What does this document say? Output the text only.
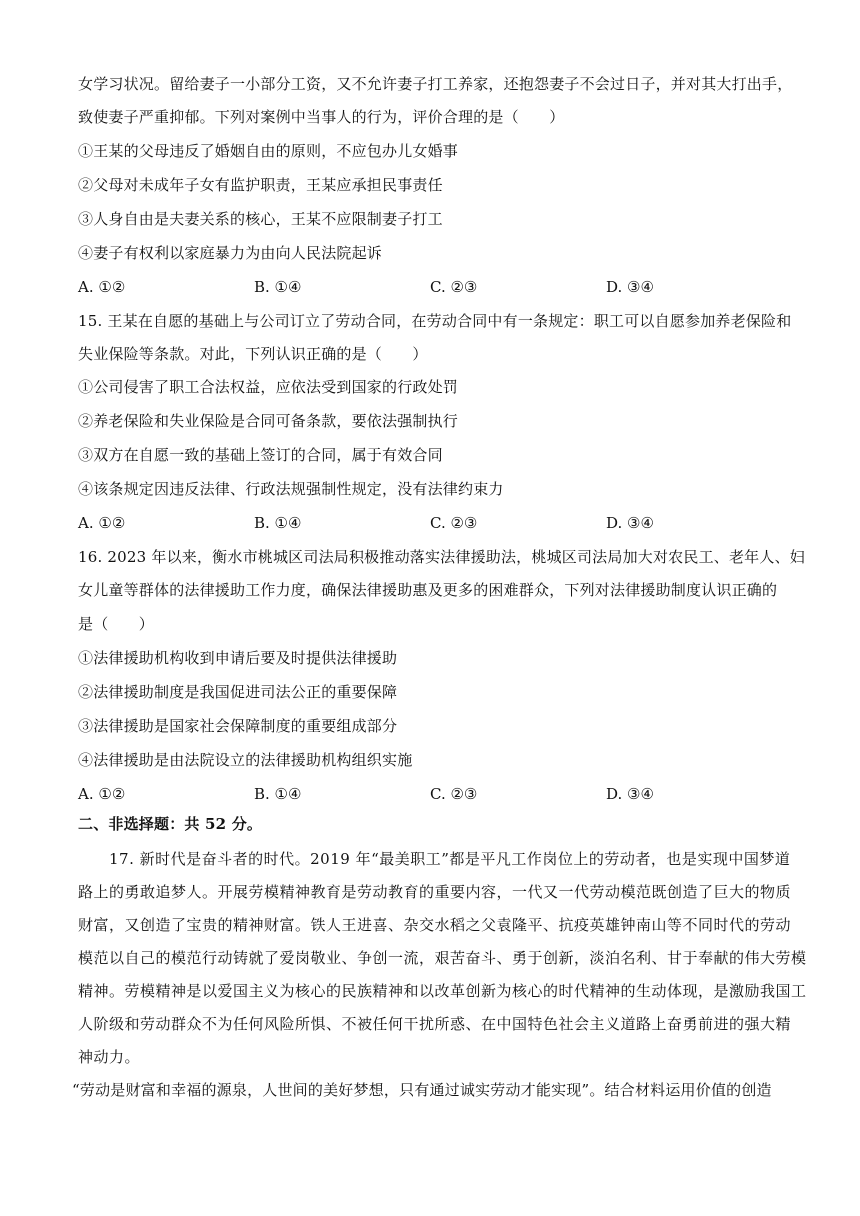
女学习状况。留给妻子一小部分工资，又不允许妻子打工养家，还抱怨妻子不会过日子，并对其大打出手，
致使妻子严重抑郁。下列对案例中当事人的行为，评价合理的是（　　）
①王某的父母违反了婚姻自由的原则，不应包办儿女婚事
②父母对未成年子女有监护职责，王某应承担民事责任
③人身自由是夫妻关系的核心，王某不应限制妻子打工
④妻子有权利以家庭暴力为由向人民法院起诉
A. ①②	B. ①④	C. ②③	D. ③④
15. 王某在自愿的基础上与公司订立了劳动合同，在劳动合同中有一条规定：职工可以自愿参加养老保险和
失业保险等条款。对此，下列认识正确的是（　　）
①公司侵害了职工合法权益，应依法受到国家的行政处罚
②养老保险和失业保险是合同可备条款，要依法强制执行
③双方在自愿一致的基础上签订的合同，属于有效合同
④该条规定因违反法律、行政法规强制性规定，没有法律约束力
A. ①②	B. ①④	C. ②③	D. ③④
16. 2023 年以来，衡水市桃城区司法局积极推动落实法律援助法，桃城区司法局加大对农民工、老年人、妇
女儿童等群体的法律援助工作力度，确保法律援助惠及更多的困难群众，下列对法律援助制度认识正确的
是（　　）
①法律援助机构收到申请后要及时提供法律援助
②法律援助制度是我国促进司法公正的重要保障
③法律援助是国家社会保障制度的重要组成部分
④法律援助是由法院设立的法律援助机构组织实施
A. ①②	B. ①④	C. ②③	D. ③④
二、非选择题：共 52 分。
　　17. 新时代是奋斗者的时代。2019 年“最美职工”都是平凡工作岗位上的劳动者，也是实现中国梦道
路上的勇敢追梦人。开展劳模精神教育是劳动教育的重要内容，一代又一代劳动模范既创造了巨大的物质
财富，又创造了宝贵的精神财富。铁人王进喜、杂交水稻之父袁隆平、抗疫英雄钟南山等不同时代的劳动
模范以自己的模范行动铸就了爱岗敬业、争创一流，艰苦奋斗、勇于创新，淡泊名利、甘于奉献的伟大劳模
精神。劳模精神是以爱国主义为核心的民族精神和以改革创新为核心的时代精神的生动体现，是激励我国工
人阶级和劳动群众不为任何风险所惧、不被任何干扰所惑、在中国特色社会主义道路上奋勇前进的强大精
神动力。
“劳动是财富和幸福的源泉，人世间的美好梦想，只有通过诚实劳动才能实现”。结合材料运用价值的创造
